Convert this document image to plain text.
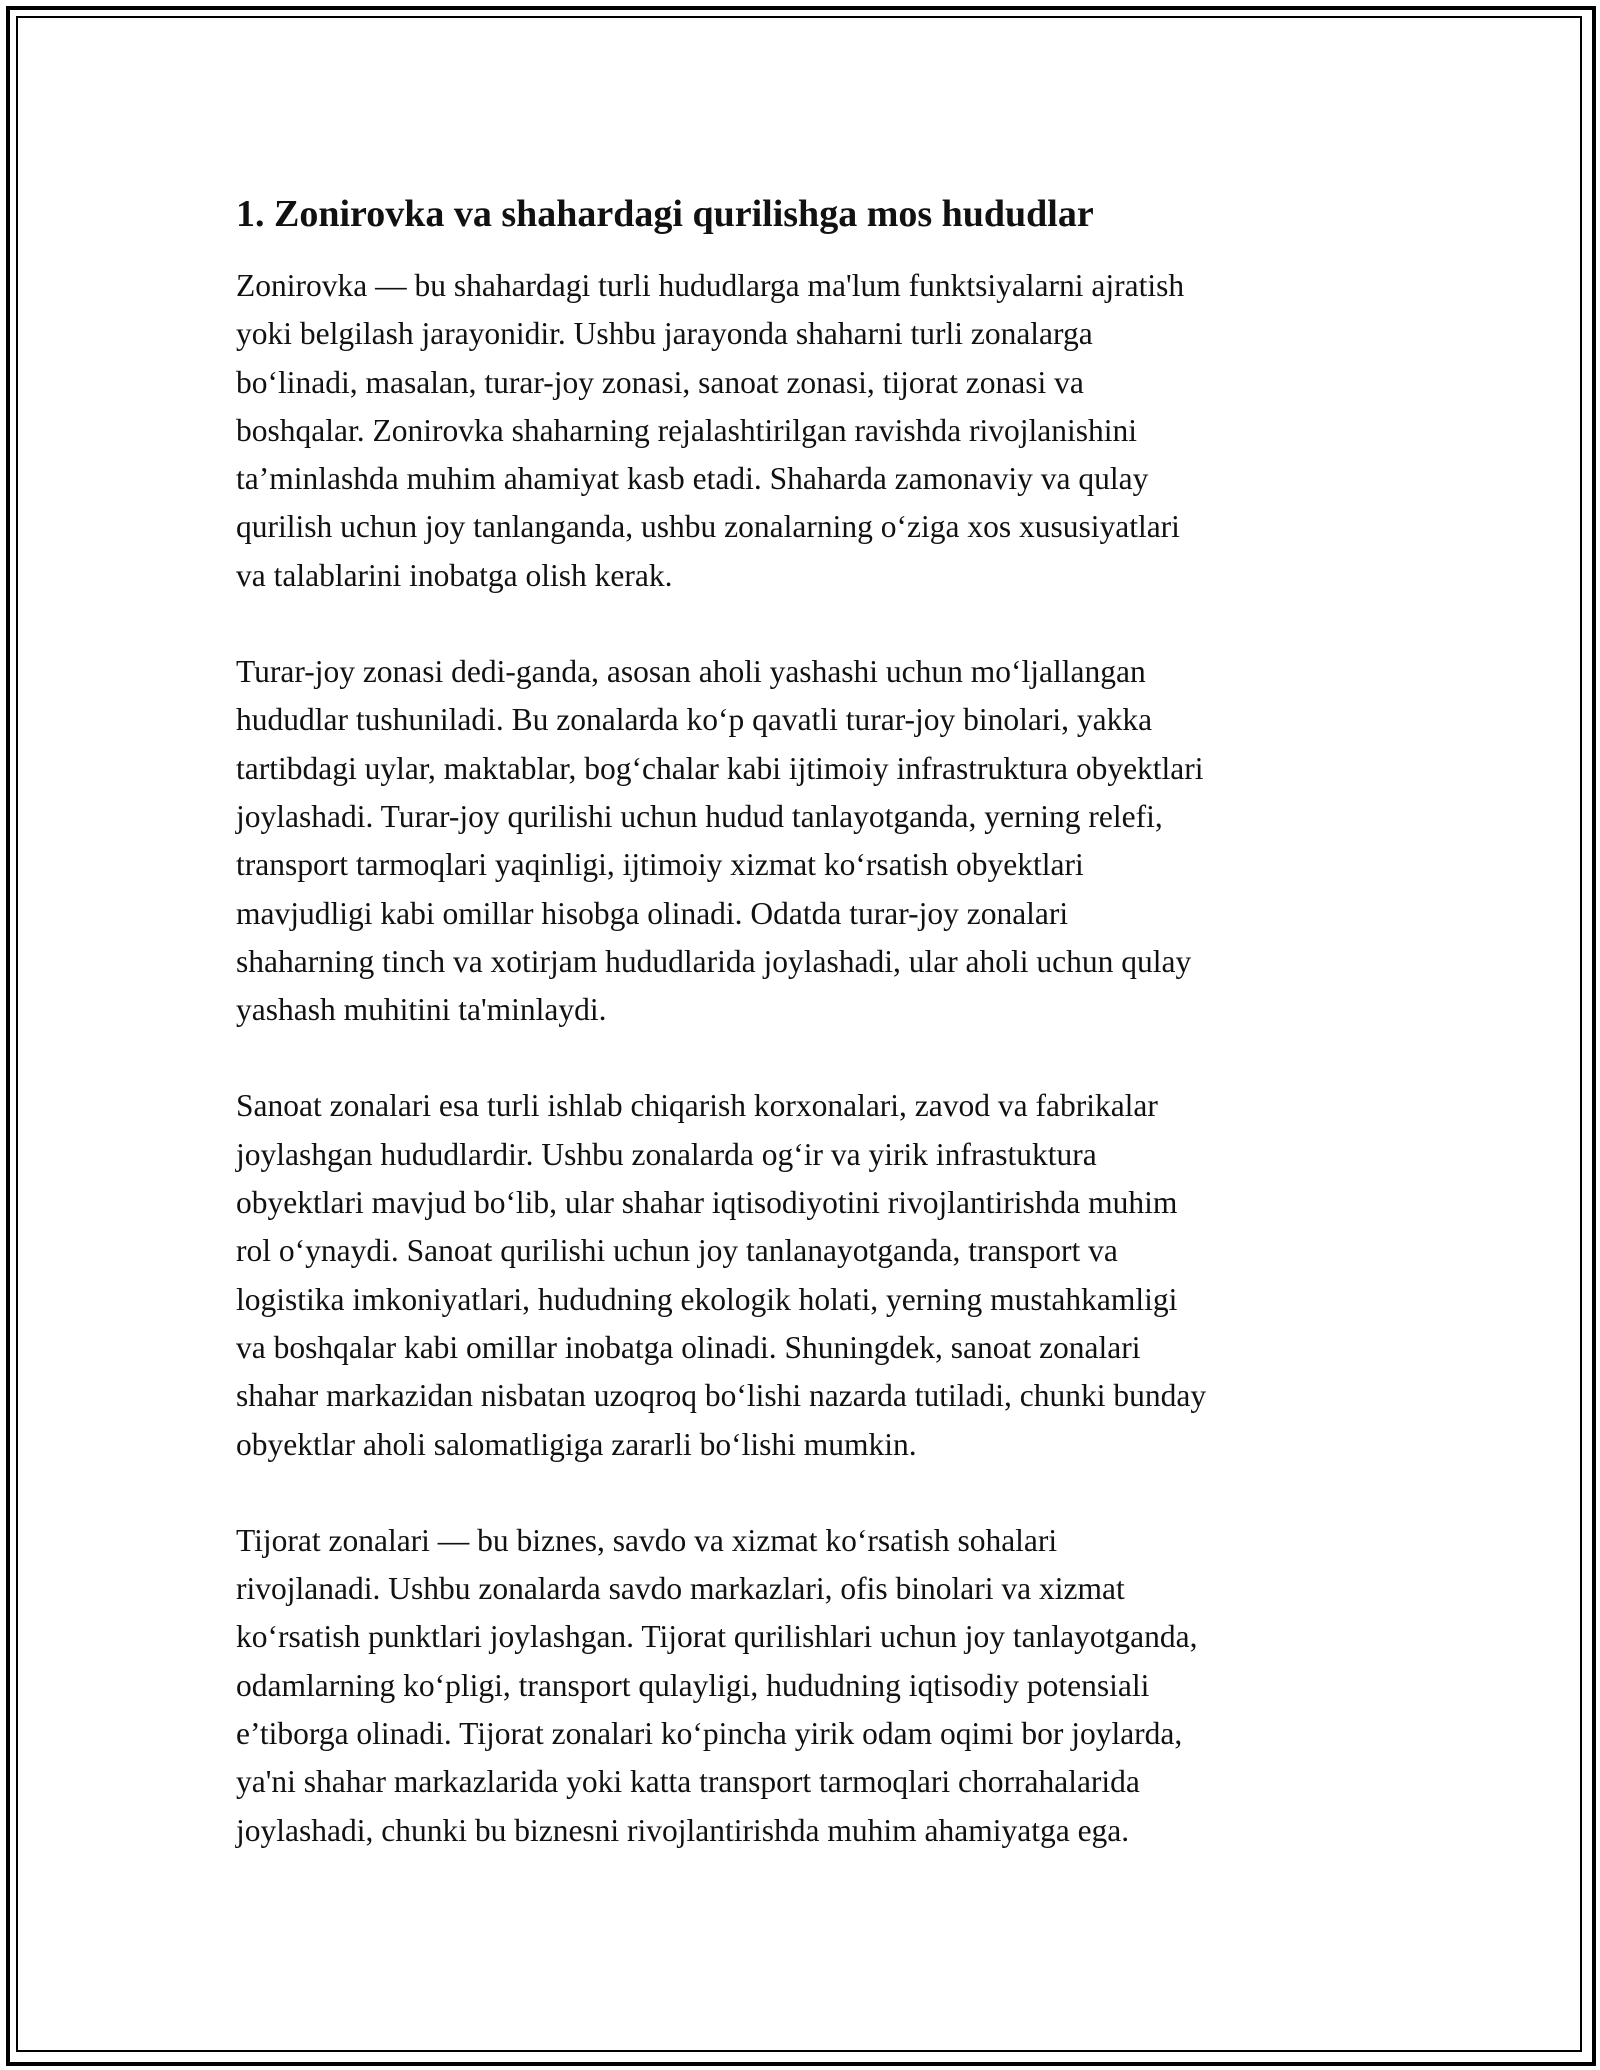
1. Zonirovka va shahardagi qurilishga mos hududlar

Zonirovka — bu shahardagi turli hududlarga ma'lum funktsiyalarni ajratish
yoki belgilash jarayonidir. Ushbu jarayonda shaharni turli zonalarga
bo‘linadi, masalan, turar-joy zonasi, sanoat zonasi, tijorat zonasi va
boshqalar. Zonirovka shaharning rejalashtirilgan ravishda rivojlanishini
ta’minlashda muhim ahamiyat kasb etadi. Shaharda zamonaviy va qulay
qurilish uchun joy tanlanganda, ushbu zonalarning o‘ziga xos xususiyatlari
va talablarini inobatga olish kerak.

Turar-joy zonasi dedi-ganda, asosan aholi yashashi uchun mo‘ljallangan
hududlar tushuniladi. Bu zonalarda ko‘p qavatli turar-joy binolari, yakka
tartibdagi uylar, maktablar, bog‘chalar kabi ijtimoiy infrastruktura obyektlari
joylashadi. Turar-joy qurilishi uchun hudud tanlayotganda, yerning relefi,
transport tarmoqlari yaqinligi, ijtimoiy xizmat ko‘rsatish obyektlari
mavjudligi kabi omillar hisobga olinadi. Odatda turar-joy zonalari
shaharning tinch va xotirjam hududlarida joylashadi, ular aholi uchun qulay
yashash muhitini ta'minlaydi.

Sanoat zonalari esa turli ishlab chiqarish korxonalari, zavod va fabrikalar
joylashgan hududlardir. Ushbu zonalarda og‘ir va yirik infrastuktura
obyektlari mavjud bo‘lib, ular shahar iqtisodiyotini rivojlantirishda muhim
rol o‘ynaydi. Sanoat qurilishi uchun joy tanlanayotganda, transport va
logistika imkoniyatlari, hududning ekologik holati, yerning mustahkamligi
va boshqalar kabi omillar inobatga olinadi. Shuningdek, sanoat zonalari
shahar markazidan nisbatan uzoqroq bo‘lishi nazarda tutiladi, chunki bunday
obyektlar aholi salomatligiga zararli bo‘lishi mumkin.

Tijorat zonalari — bu biznes, savdo va xizmat ko‘rsatish sohalari
rivojlanadi. Ushbu zonalarda savdo markazlari, ofis binolari va xizmat
ko‘rsatish punktlari joylashgan. Tijorat qurilishlari uchun joy tanlayotganda,
odamlarning ko‘pligi, transport qulayligi, hududning iqtisodiy potensiali
e’tiborga olinadi. Tijorat zonalari ko‘pincha yirik odam oqimi bor joylarda,
ya'ni shahar markazlarida yoki katta transport tarmoqlari chorrahalarida
joylashadi, chunki bu biznesni rivojlantirishda muhim ahamiyatga ega.
